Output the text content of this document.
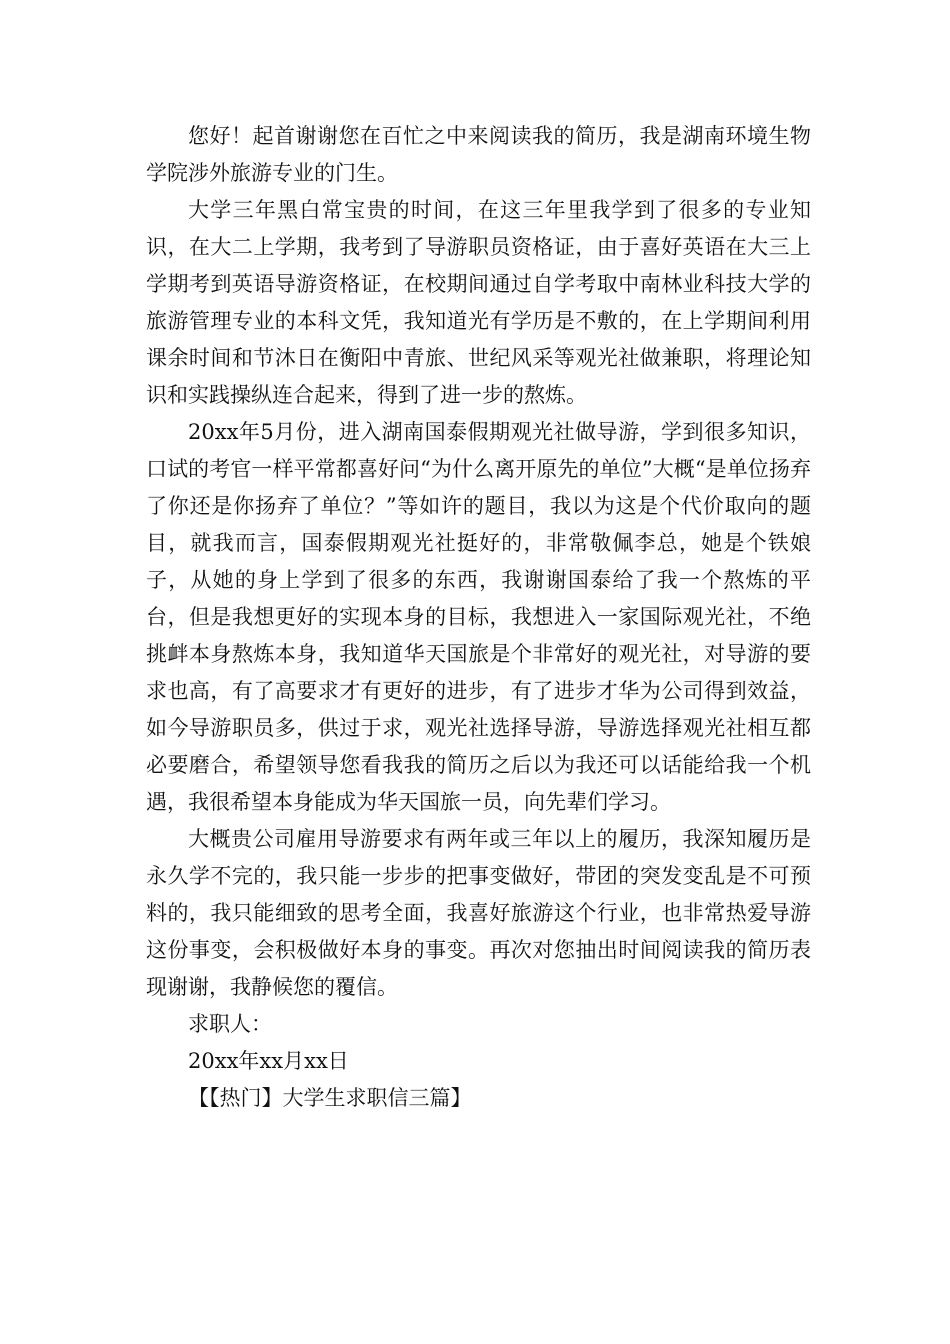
您好！起首谢谢您在百忙之中来阅读我的简历，我是湖南环境生物学院涉外旅游专业的门生。

大学三年黑白常宝贵的时间，在这三年里我学到了很多的专业知识，在大二上学期，我考到了导游职员资格证，由于喜好英语在大三上学期考到英语导游资格证，在校期间通过自学考取中南林业科技大学的旅游管理专业的本科文凭，我知道光有学历是不敷的，在上学期间利用课余时间和节沐日在衡阳中青旅、世纪风采等观光社做兼职，将理论知识和实践操纵连合起来，得到了进一步的熬炼。

20xx年5月份，进入湖南国泰假期观光社做导游，学到很多知识，口试的考官一样平常都喜好问“为什么离开原先的单位”大概“是单位扬弃了你还是你扬弃了单位？”等如许的题目，我以为这是个代价取向的题目，就我而言，国泰假期观光社挺好的，非常敬佩李总，她是个铁娘子，从她的身上学到了很多的东西，我谢谢国泰给了我一个熬炼的平台，但是我想更好的实现本身的目标，我想进入一家国际观光社，不绝挑衅本身熬炼本身，我知道华天国旅是个非常好的观光社，对导游的要求也高，有了高要求才有更好的进步，有了进步才华为公司得到效益，如今导游职员多，供过于求，观光社选择导游，导游选择观光社相互都必要磨合，希望领导您看我我的简历之后以为我还可以话能给我一个机遇，我很希望本身能成为华天国旅一员，向先辈们学习。

大概贵公司雇用导游要求有两年或三年以上的履历，我深知履历是永久学不完的，我只能一步步的把事变做好，带团的突发变乱是不可预料的，我只能细致的思考全面，我喜好旅游这个行业，也非常热爱导游这份事变，会积极做好本身的事变。再次对您抽出时间阅读我的简历表现谢谢，我静候您的覆信。

求职人：

20xx年xx月xx日

【【热门】大学生求职信三篇】
